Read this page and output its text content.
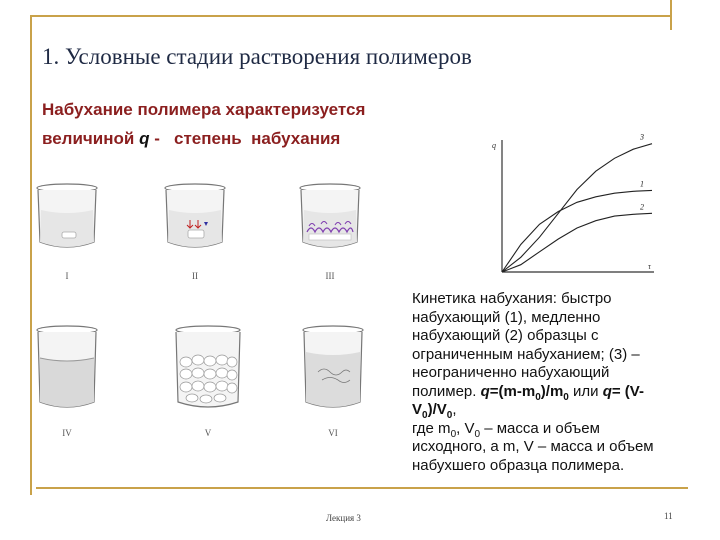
1. Условные стадии растворения полимеров
Набухание полимера характеризуется
величиной q -   степень  набухания
I	II	III
IV	V	VI
q
τ
1
2
3
Кинетика набухания: быстро
набухающий (1), медленно
набухающий (2) образцы с
ограниченным набуханием; (3) –
неограниченно набухающий
полимер. $q=(m-m_0)/m_0$ или q= (V-
$V_0)/V_0$,
где $m_0$, $V_0$ – масса и объем
исходного, а m, V – масса и объем
набухшего образца полимера.
Лекция 3	11
